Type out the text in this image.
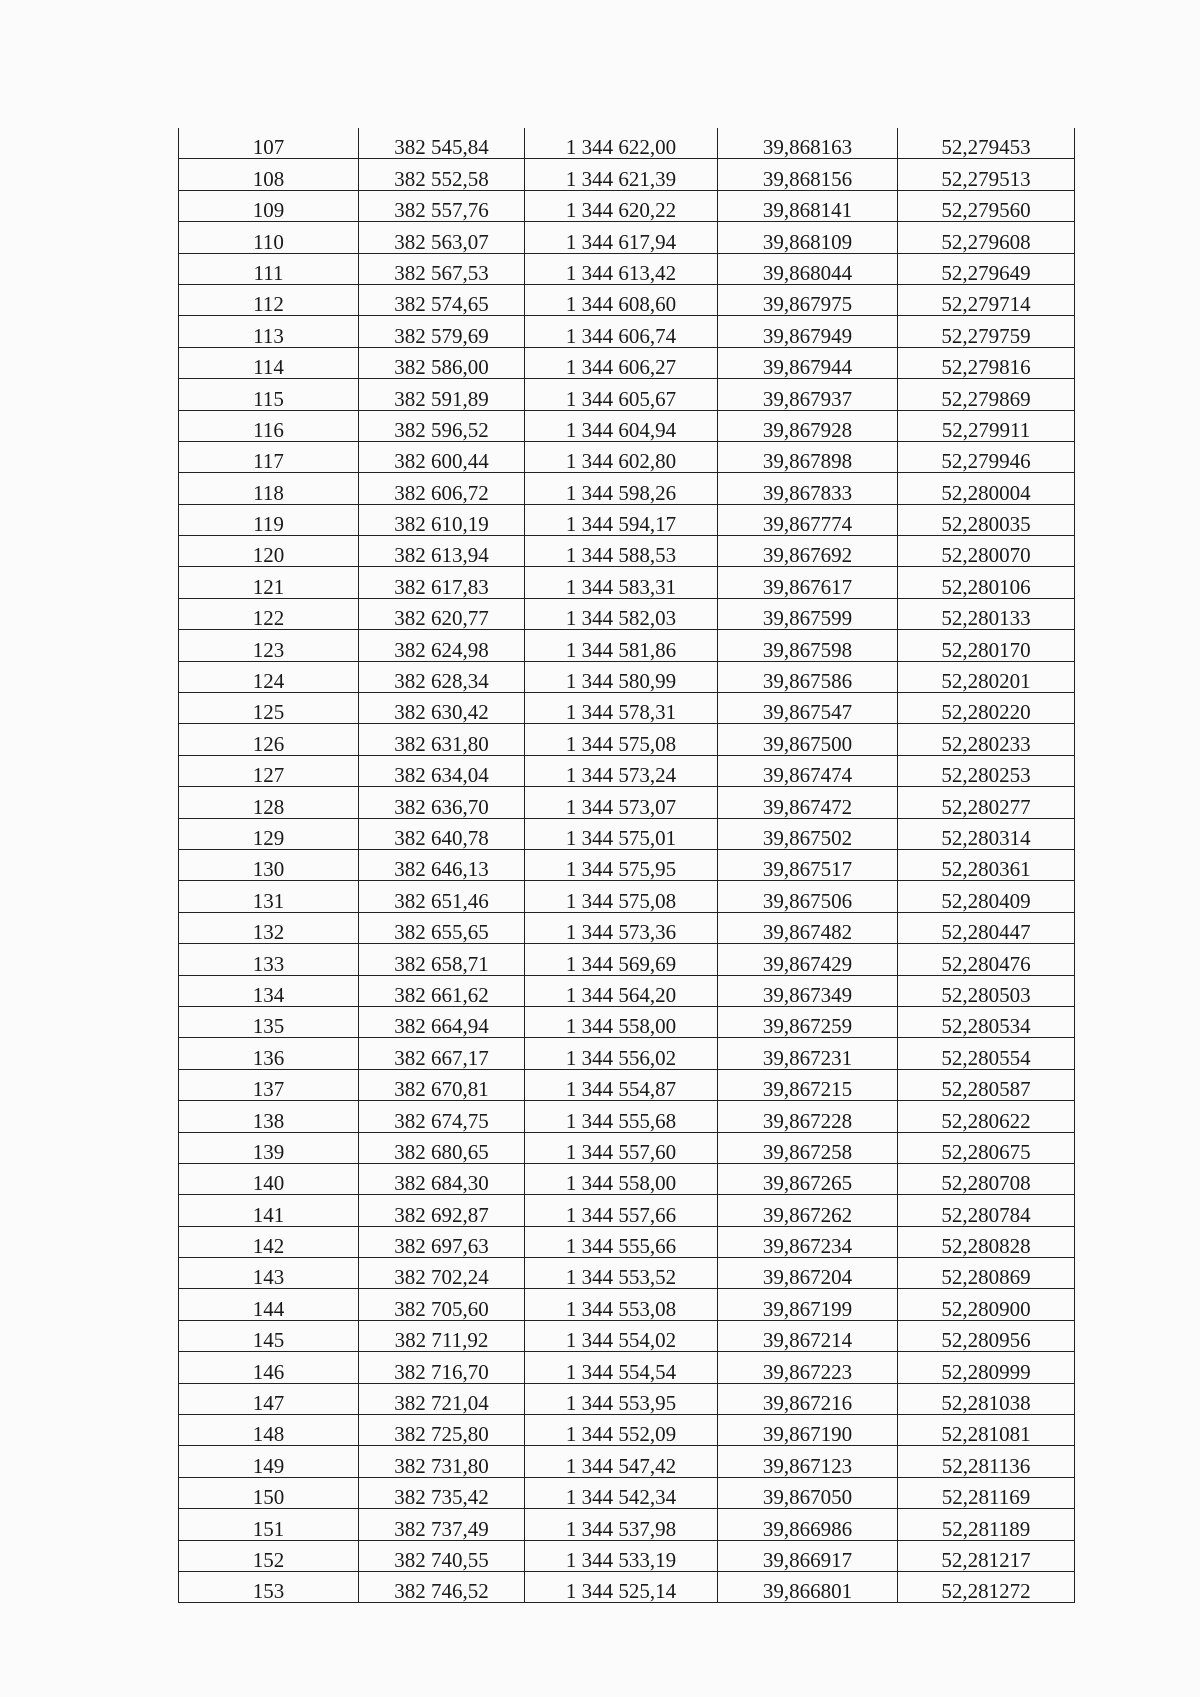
107	382 545,84	1 344 622,00	39,868163	52,279453
108	382 552,58	1 344 621,39	39,868156	52,279513
109	382 557,76	1 344 620,22	39,868141	52,279560
110	382 563,07	1 344 617,94	39,868109	52,279608
111	382 567,53	1 344 613,42	39,868044	52,279649
112	382 574,65	1 344 608,60	39,867975	52,279714
113	382 579,69	1 344 606,74	39,867949	52,279759
114	382 586,00	1 344 606,27	39,867944	52,279816
115	382 591,89	1 344 605,67	39,867937	52,279869
116	382 596,52	1 344 604,94	39,867928	52,279911
117	382 600,44	1 344 602,80	39,867898	52,279946
118	382 606,72	1 344 598,26	39,867833	52,280004
119	382 610,19	1 344 594,17	39,867774	52,280035
120	382 613,94	1 344 588,53	39,867692	52,280070
121	382 617,83	1 344 583,31	39,867617	52,280106
122	382 620,77	1 344 582,03	39,867599	52,280133
123	382 624,98	1 344 581,86	39,867598	52,280170
124	382 628,34	1 344 580,99	39,867586	52,280201
125	382 630,42	1 344 578,31	39,867547	52,280220
126	382 631,80	1 344 575,08	39,867500	52,280233
127	382 634,04	1 344 573,24	39,867474	52,280253
128	382 636,70	1 344 573,07	39,867472	52,280277
129	382 640,78	1 344 575,01	39,867502	52,280314
130	382 646,13	1 344 575,95	39,867517	52,280361
131	382 651,46	1 344 575,08	39,867506	52,280409
132	382 655,65	1 344 573,36	39,867482	52,280447
133	382 658,71	1 344 569,69	39,867429	52,280476
134	382 661,62	1 344 564,20	39,867349	52,280503
135	382 664,94	1 344 558,00	39,867259	52,280534
136	382 667,17	1 344 556,02	39,867231	52,280554
137	382 670,81	1 344 554,87	39,867215	52,280587
138	382 674,75	1 344 555,68	39,867228	52,280622
139	382 680,65	1 344 557,60	39,867258	52,280675
140	382 684,30	1 344 558,00	39,867265	52,280708
141	382 692,87	1 344 557,66	39,867262	52,280784
142	382 697,63	1 344 555,66	39,867234	52,280828
143	382 702,24	1 344 553,52	39,867204	52,280869
144	382 705,60	1 344 553,08	39,867199	52,280900
145	382 711,92	1 344 554,02	39,867214	52,280956
146	382 716,70	1 344 554,54	39,867223	52,280999
147	382 721,04	1 344 553,95	39,867216	52,281038
148	382 725,80	1 344 552,09	39,867190	52,281081
149	382 731,80	1 344 547,42	39,867123	52,281136
150	382 735,42	1 344 542,34	39,867050	52,281169
151	382 737,49	1 344 537,98	39,866986	52,281189
152	382 740,55	1 344 533,19	39,866917	52,281217
153	382 746,52	1 344 525,14	39,866801	52,281272
